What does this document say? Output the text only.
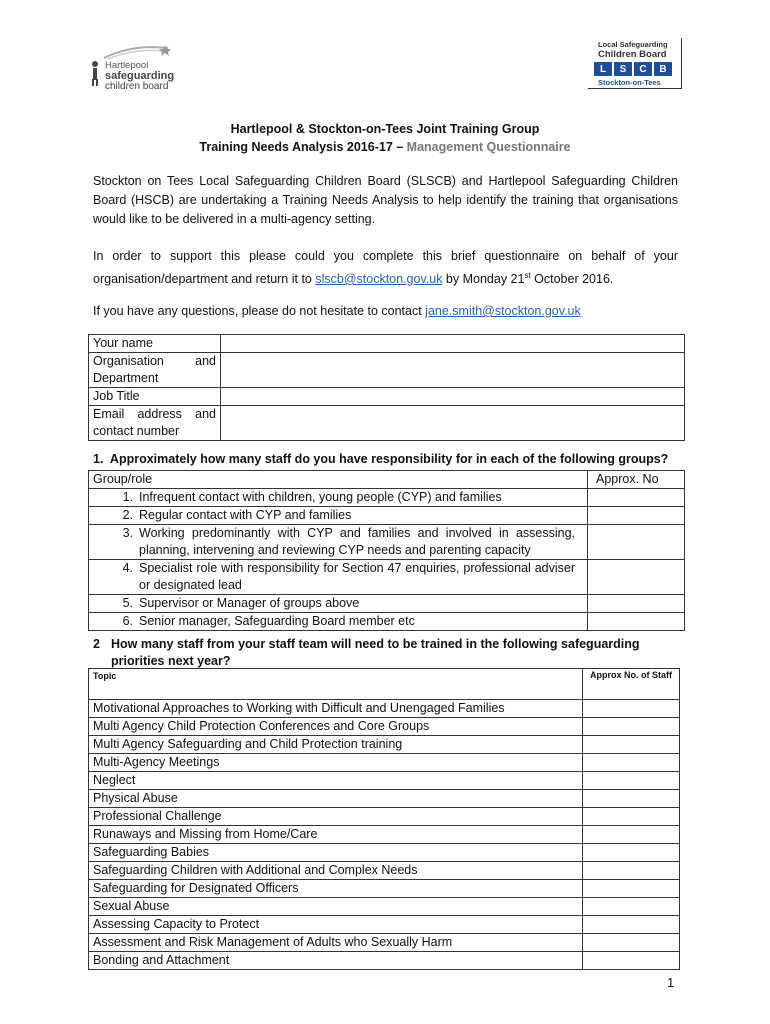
Hartlepool
safeguarding
children board
Local Safeguarding
Children Board
L	S	C	B
Stockton-on-Tees
Hartlepool & Stockton-on-Tees Joint Training Group
Training Needs Analysis 2016-17 – Management Questionnaire
Stockton on Tees Local Safeguarding Children Board (SLSCB) and Hartlepool Safeguarding Children Board (HSCB) are undertaking a Training Needs Analysis to help identify the training that organisations would like to be delivered in a multi-agency setting.
In order to support this please could you complete this brief questionnaire on behalf of your organisation/department and return it to slscb@stockton.gov.uk by Monday 21st October 2016.
If you have any questions, please do not hesitate to contact jane.smith@stockton.gov.uk
Your name	

Organisation and Department	

Job Title	
Email address and contact number	
1. Approximately how many staff do you have responsibility for in each of the following groups?
Group/role	Approx. No
1. Infrequent contact with children, young people (CYP) and families	
2. Regular contact with CYP and families	
3. Working predominantly with CYP and families and involved in assessing, planning, intervening and reviewing CYP needs and parenting capacity	
4. Specialist role with responsibility for Section 47 enquiries, professional adviser or designated lead	
5. Supervisor or Manager of groups above	
6. Senior manager, Safeguarding Board member etc	
2 How many staff from your staff team will need to be trained in the following safeguarding priorities next year?
Topic	Approx No. of Staff
Motivational Approaches to Working with Difficult and Unengaged Families	
Multi Agency Child Protection Conferences and Core Groups	
Multi Agency Safeguarding and Child Protection training	
Multi-Agency Meetings	
Neglect	
Physical Abuse	
Professional Challenge	
Runaways and Missing from Home/Care	
Safeguarding Babies	
Safeguarding Children with Additional and Complex Needs	
Safeguarding for Designated Officers	
Sexual Abuse	
Assessing Capacity to Protect	
Assessment and Risk Management of Adults who Sexually Harm	
Bonding and Attachment	
1
